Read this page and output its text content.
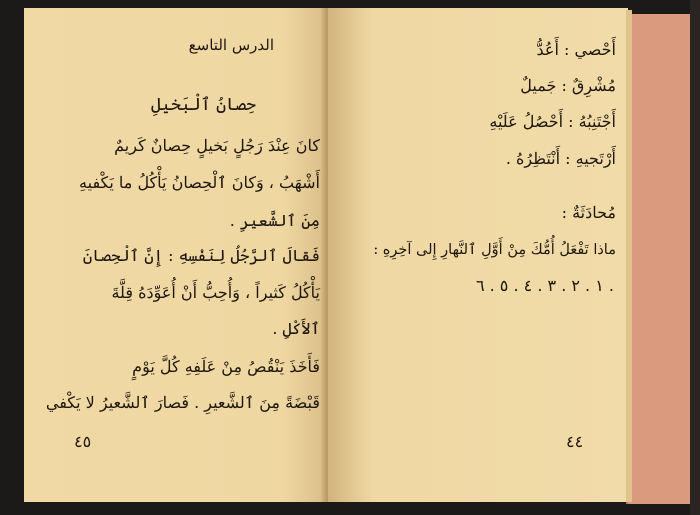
الدرس التاسع
حِصانُ ٱلْبَخيلِ
كانَ عِنْدَ رَجُلٍ بَخيلٍ حِصانٌ كَريمٌ
أَشْهَبُ ، وَكانَ ٱلْحِصانُ يَأْكُلُ ما يَكْفيهِ
مِنَ ٱلشَّعيرِ .
فَقالَ ٱلرَّجُلُ لِنَفْسِهِ : إِنَّ ٱلْحِصانَ
يَأْكُلُ كَثيراً ، وَأُحِبُّ أَنْ أُعَوِّدَهُ قِلَّةَ
ٱلأَكْلِ .
فَأَخَذَ يَنْقُصُ مِنْ عَلَفِهِ كُلَّ يَوْمٍ
قَبْضَةً مِنَ ٱلشَّعيرِ . فَصارَ ٱلشَّعيرُ لا يَكْفي
٤٥
أَحْصي : أَعُدُّ
مُشْرِقٌ : جَميلٌ
أَجْتَنِبُهُ : أَحْصُلُ عَلَيْهِ
أَرْتَجيهِ : أَنْتَظِرُهُ .
مُحادَثَةٌ :
ماذا تَفْعَلُ أُمُّكَ مِنْ أَوَّلِ ٱلنَّهارِ إِلى آخِرِهِ :
١ . ٢ . ٣ . ٤ . ٥ . ٦ .
٤٤
